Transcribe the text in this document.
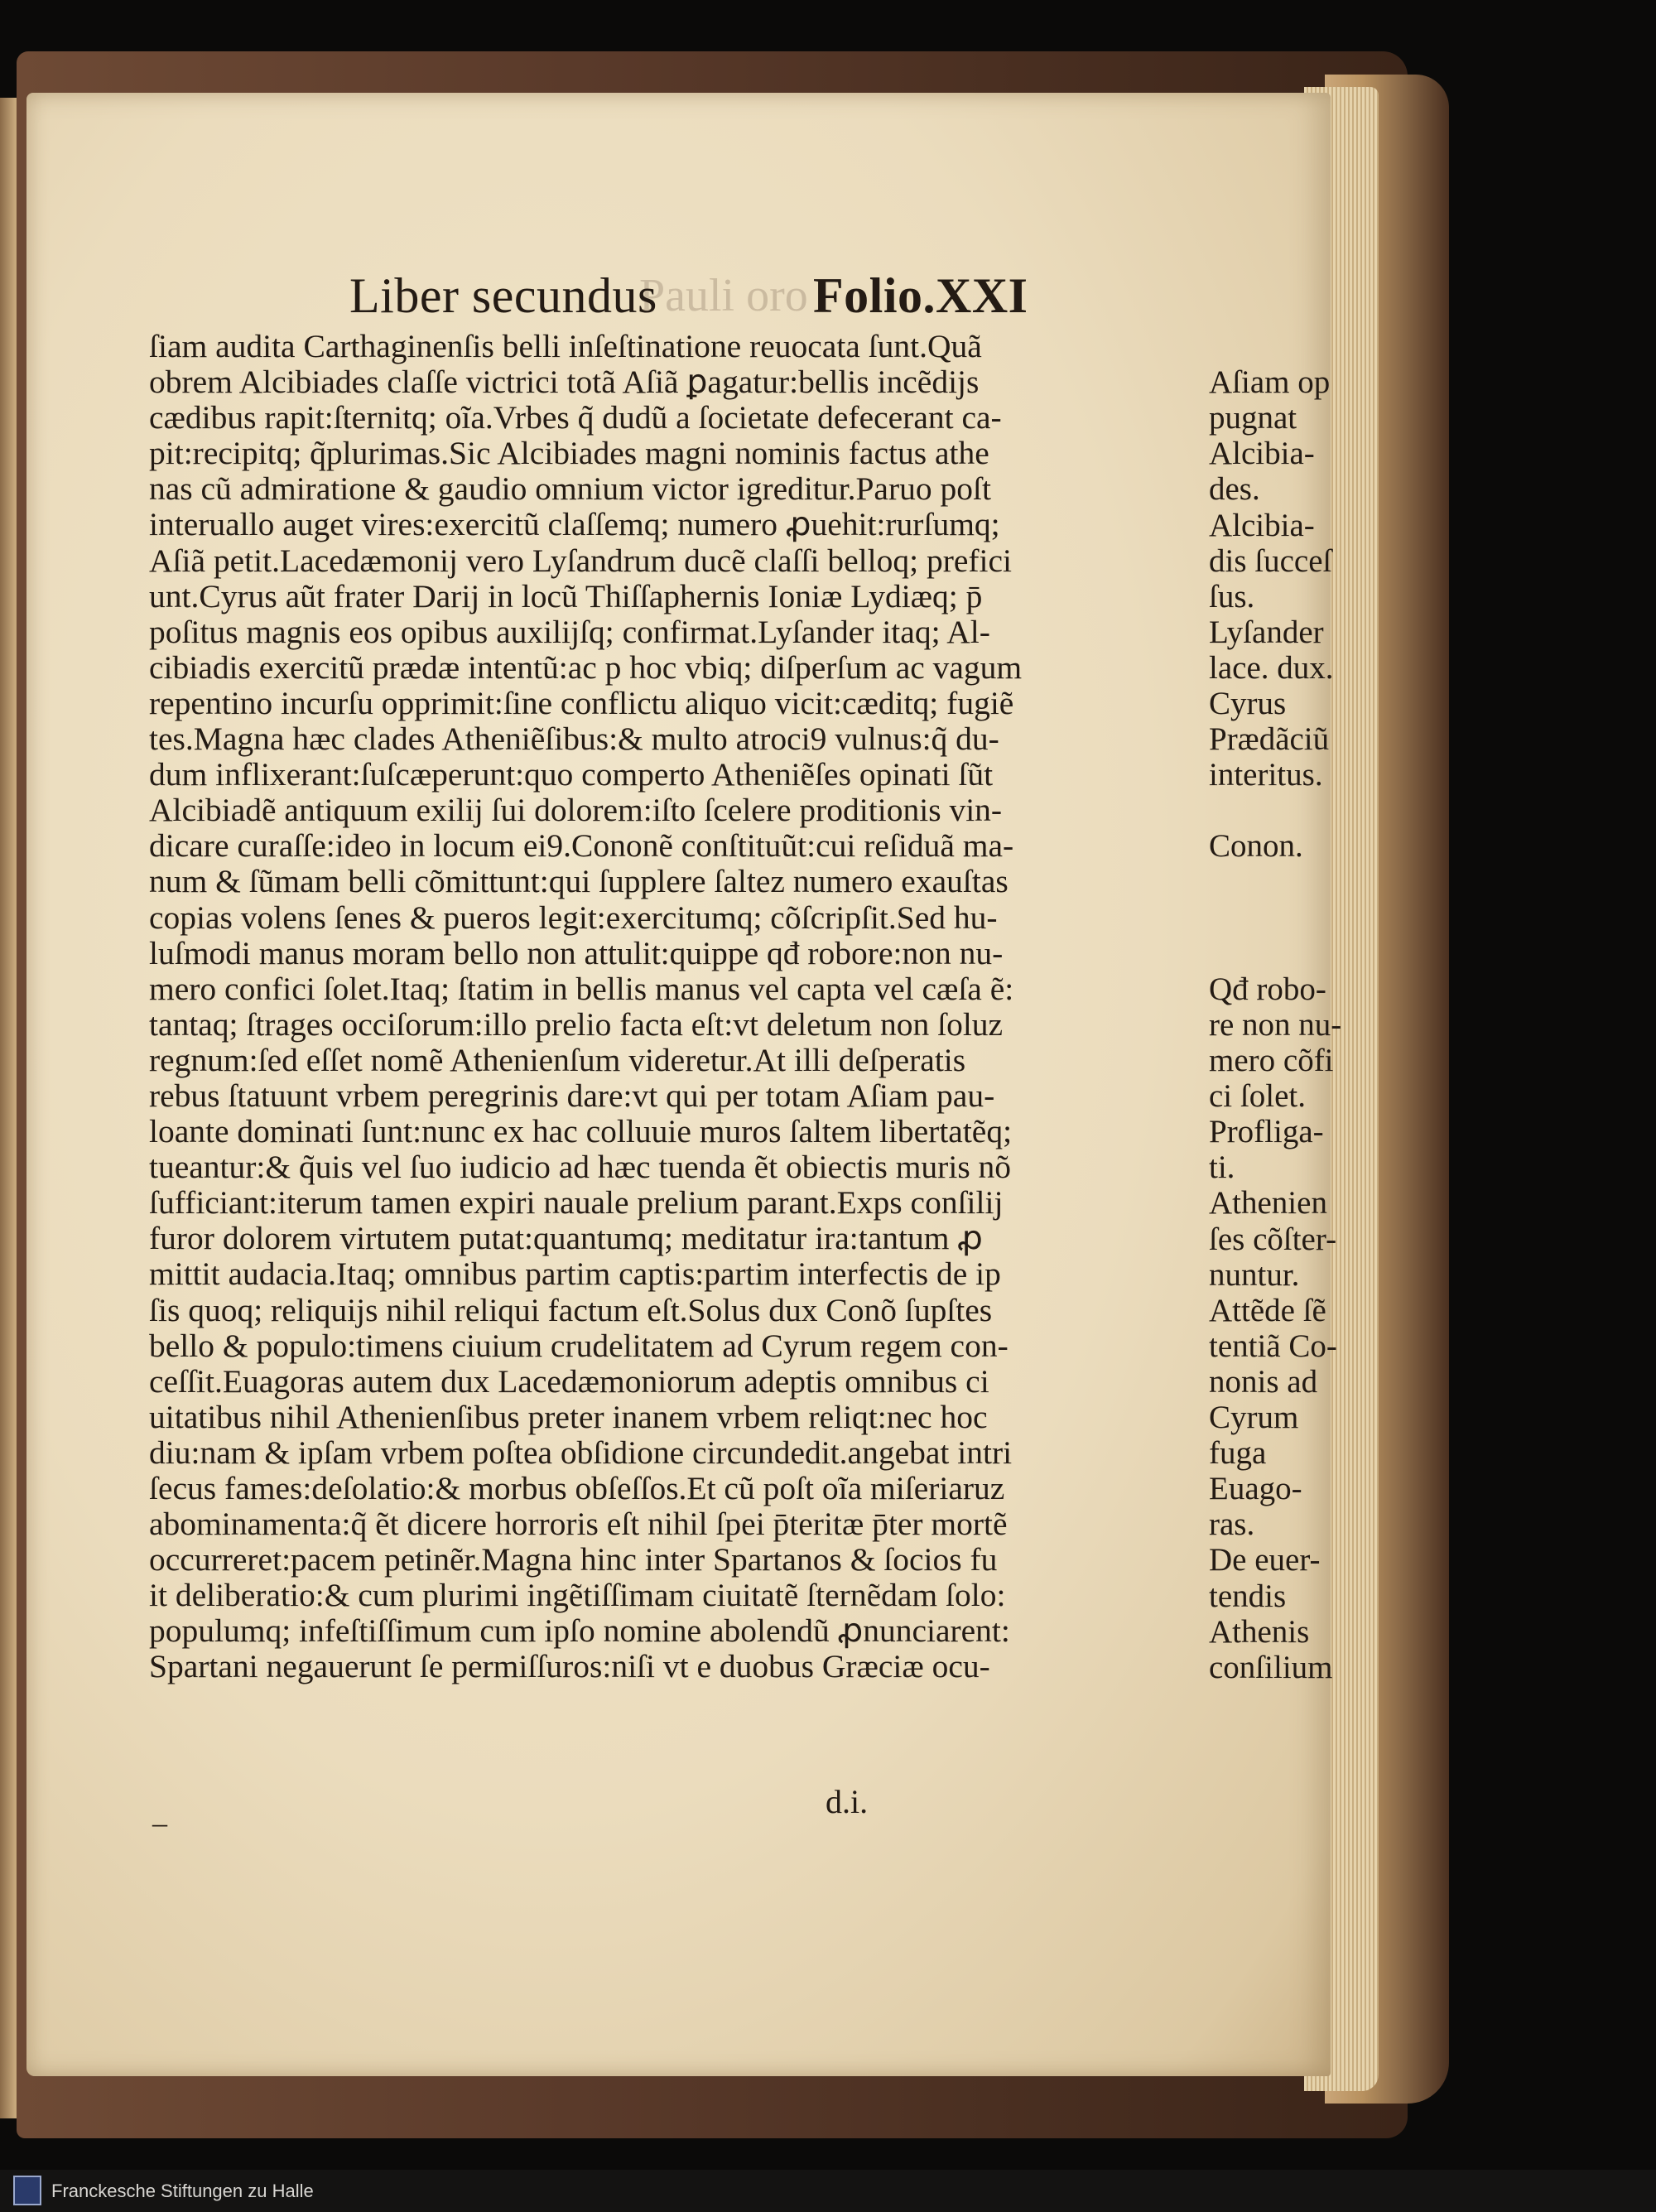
Pauli oro
Liber secundus	Folio.XXI
ſiam audita Carthaginenſis belli inſeſtinatione reuocata ſunt.Quã
obrem Alcibiades claſſe victrici totã Aſiã ꝑagatur:bellis incẽdijs
cædibus rapit:ſternitq; oĩa.Vrbes q̃ dudũ a ſocietate defecerant ca-
pit:recipitq; q̃plurimas.Sic Alcibiades magni nominis factus athe
nas cũ admiratione & gaudio omnium victor igreditur.Paruo poſt
interuallo auget vires:exercitũ claſſemq; numero ꝓuehit:rurſumq;
Aſiã petit.Lacedæmonij vero Lyſandrum ducẽ claſſi belloq; prefici
unt.Cyrus aũt frater Darij in locũ Thiſſaphernis Ioniæ Lydiæq; p̄
poſitus magnis eos opibus auxilijſq; confirmat.Lyſander itaq; Al-
cibiadis exercitũ prædæ intentũ:ac p hoc vbiq; diſperſum ac vagum
repentino incurſu opprimit:ſine conflictu aliquo vicit:cæditq; fugiẽ
tes.Magna hæc clades Atheniẽſibus:& multo atroci9 vulnus:q̃ du-
dum inflixerant:ſuſcæperunt:quo comperto Atheniẽſes opinati ſũt
Alcibiadẽ antiquum exilij ſui dolorem:iſto ſcelere proditionis vin-
dicare curaſſe:ideo in locum ei9.Cononẽ conſtituũt:cui reſiduã ma-
num & ſũmam belli cõmittunt:qui ſupplere ſaltez numero exauſtas
copias volens ſenes & pueros legit:exercitumq; cõſcripſit.Sed hu-
luſmodi manus moram bello non attulit:quippe qđ robore:non nu-
mero confici ſolet.Itaq; ſtatim in bellis manus vel capta vel cæſa ẽ:
tantaq; ſtrages occiſorum:illo prelio facta eſt:vt deletum non ſoluz
regnum:ſed eſſet nomẽ Athenienſum videretur.At illi deſperatis
rebus ſtatuunt vrbem peregrinis dare:vt qui per totam Aſiam pau-
loante dominati ſunt:nunc ex hac colluuie muros ſaltem libertatẽq;
tueantur:& q̃uis vel ſuo iudicio ad hæc tuenda ẽt obiectis muris nõ
ſufficiant:iterum tamen expiri nauale prelium parant.Exps conſilij
furor dolorem virtutem putat:quantumq; meditatur ira:tantum ꝓ
mittit audacia.Itaq; omnibus partim captis:partim interfectis de ip
ſis quoq; reliquijs nihil reliqui factum eſt.Solus dux Conõ ſupſtes
bello & populo:timens ciuium crudelitatem ad Cyrum regem con-
ceſſit.Euagoras autem dux Lacedæmoniorum adeptis omnibus ci
uitatibus nihil Athenienſibus preter inanem vrbem reliqt:nec hoc
diu:nam & ipſam vrbem poſtea obſidione circundedit.angebat intri
ſecus fames:deſolatio:& morbus obſeſſos.Et cũ poſt oĩa miſeriaruz
abominamenta:q̃ ẽt dicere horroris eſt nihil ſpei p̄teritæ p̄ter mortẽ
occurreret:pacem petinẽr.Magna hinc inter Spartanos & ſocios fu
it deliberatio:& cum plurimi ingẽtiſſimam ciuitatẽ ſternẽdam ſolo:
populumq; infeſtiſſimum cum ipſo nomine abolendũ ꝓnunciarent:
Spartani negauerunt ſe permiſſuros:niſi vt e duobus Græciæ ocu-
Aſiam op
pugnat
Alcibia-
des.
Alcibia-
dis ſucceſ
ſus.
Lyſander
lace. dux.
Cyrus
Prædãciũ
interitus.
Conon.
Qđ robo-
re non nu-
mero cõfi
ci ſolet.
Profliga-
ti.
Athenien
ſes cõſter-
nuntur.
Attẽde ſẽ
tentiã Co-
nonis ad
Cyrum
fuga
Euago-
ras.
De euer-
tendis
Athenis
conſilium
–
d.i.
Franckesche Stiftungen zu Halle
